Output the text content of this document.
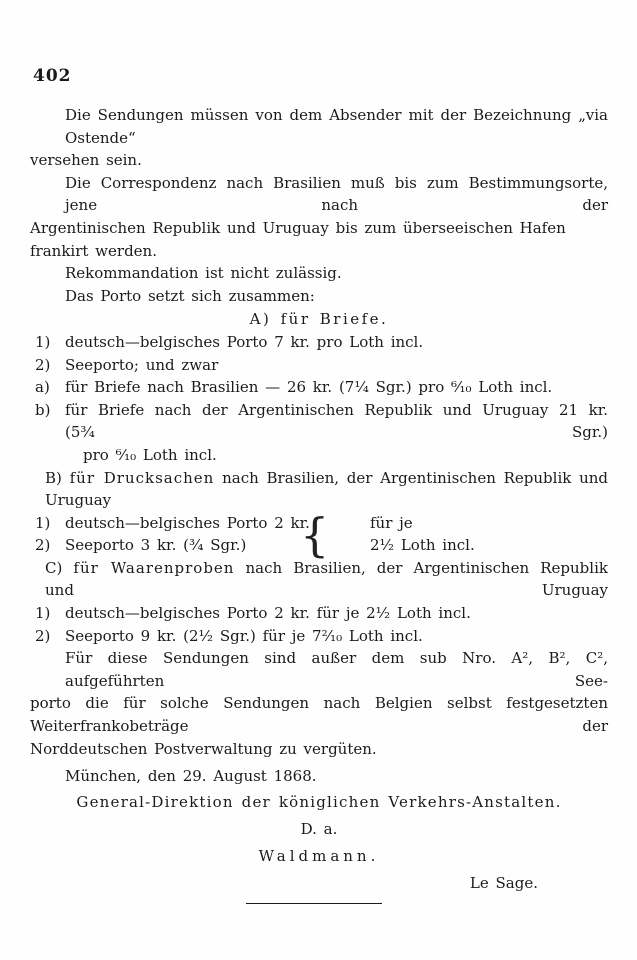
402
Die Sendungen müssen von dem Absender mit der Bezeichnung „via Ostende“
versehen sein.
Die Correspondenz nach Brasilien muß bis zum Bestimmungsorte, jene nach der
Argentinischen Republik und Uruguay bis zum überseeischen Hafen frankirt werden.
Rekommandation ist nicht zulässig.
Das Porto setzt sich zusammen:
A) für Briefe.
1) deutsch—belgisches Porto 7 kr. pro Loth incl.
2) Seeporto; und zwar
a)	für Briefe nach Brasilien — 26 kr. (7¹⁄₄ Sgr.) pro ⁶⁄₁₀ Loth incl.
b) für Briefe nach der Argentinischen Republik und Uruguay 21 kr. (5³⁄₄ Sgr.)
pro ⁶⁄₁₀ Loth incl.
B) für Drucksachen nach Brasilien, der Argentinischen Republik und Uruguay
1) deutsch—belgisches Porto 2 kr.	für je
2) Seeporto 3 kr. (³⁄₄ Sgr.)	2¹⁄₂ Loth incl.
{
C) für Waarenproben nach Brasilien, der Argentinischen Republik und Uruguay
1) deutsch—belgisches Porto 2 kr. für je 2¹⁄₂ Loth incl.
2) Seeporto 9 kr. (2¹⁄₂ Sgr.) für je 7²⁄₁₀ Loth incl.
Für diese Sendungen sind außer dem sub Nro. A², B², C², aufgeführten See-
porto die für solche Sendungen nach Belgien selbst festgesetzten Weiterfrankobeträge der
Norddeutschen Postverwaltung zu vergüten.
München, den 29. August 1868.
General-Direktion der königlichen Verkehrs-Anstalten.
D. a.
Waldmann.
Le Sage.
